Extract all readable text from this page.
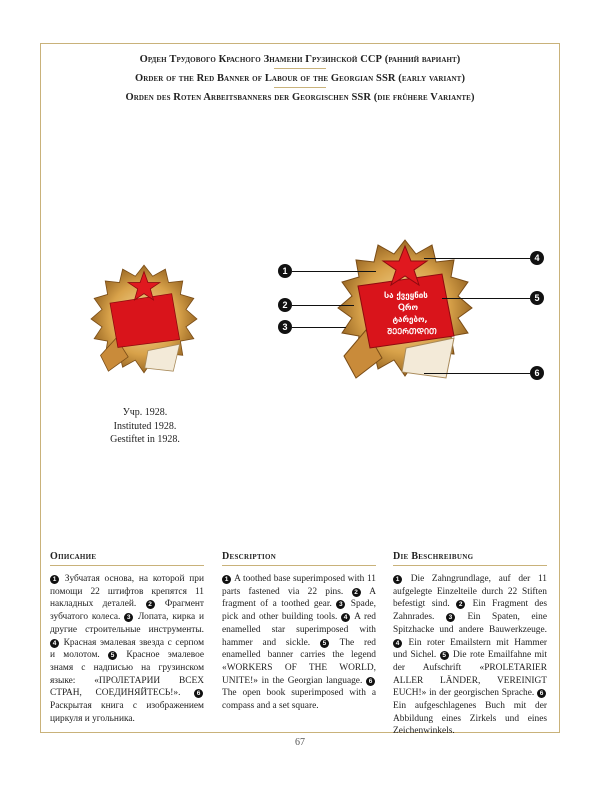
Орден Трудового Красного Знамени Грузинской ССР (ранний вариант)
Order of the Red Banner of Labour of the Georgian SSR (early variant)
Orden des Roten Arbeitsbanners der Georgischen SSR (die frühere Variante)
Учр. 1928.
Instituted 1928.
Gestiftet in 1928.
Ⴑა ქვეყნის
Ⴓრო
ტარებო,
ᲨᲔᲔᲠᲗᲓᲘᲗ
1
2
3
4
5
6
Описание
1 Зубчатая основа, на которой при помощи 22 штифтов крепятся 11 накладных деталей. 2 Фрагмент зубчатого колеса. 3 Лопата, кирка и другие строительные инструменты. 4 Красная эмалевая звезда с серпом и молотом. 5 Красное эмалевое знамя с надписью на грузинском языке: «ПРОЛЕТАРИИ ВСЕХ СТРАН, СОЕДИНЯЙТЕСЬ!».	6 Раскрытая книга с изображением циркуля и угольника.
Description
1 A toothed base superimposed with 11 parts fastened via 22 pins. 2 A fragment of a toothed gear. 3 Spade, pick and other building tools. 4 A red enamelled star superimposed with hammer and sickle. 5 The red enamelled banner carries the legend «WORKERS OF THE WORLD, UNITE!» in the Georgian language. 6 The open book superimposed with a compass and a set square.
Die Beschreibung
1 Die Zahngrundlage, auf der 11 aufgelegte Einzelteile durch 22 Stiften befestigt sind. 2 Ein Fragment des Zahnrades. 3 Ein Spaten, eine Spitzhacke und andere Bauwerkzeuge. 4 Ein roter Emailstern mit Hammer und Sichel. 5 Die rote Emailfahne mit der Aufschrift «PROLETARIER ALLER LÄNDER, VEREINIGT EUCH!» in der georgischen Sprache. 6 Ein aufgeschlagenes Buch mit der Abbildung eines Zirkels und eines Zeichenwinkels.
67
